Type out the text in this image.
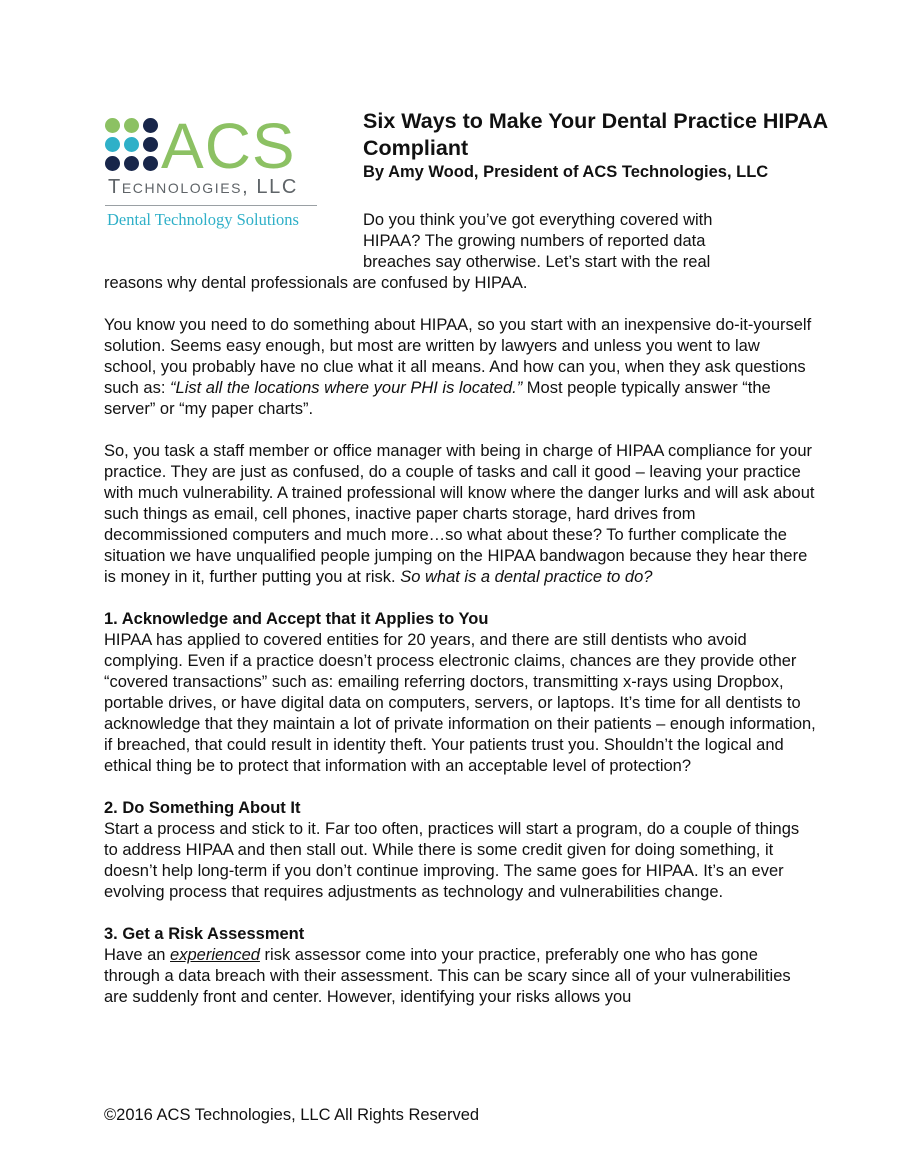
ACS
Technologies, LLC
Dental Technology Solutions
Six Ways to Make Your Dental Practice HIPAA Compliant

By Amy Wood, President of ACS Technologies, LLC

Do you think you’ve got everything covered with
HIPAA? The growing numbers of reported data
breaches say otherwise. Let’s start with the real
reasons why dental professionals are confused by HIPAA.

You know you need to do something about HIPAA, so you start with an inexpensive do-it-yourself solution. Seems easy enough, but most are written by lawyers and unless you went to law school, you probably have no clue what it all means. And how can you, when they ask questions such as: “List all the locations where your PHI is located.” Most people typically answer “the server” or “my paper charts”.

So, you task a staff member or office manager with being in charge of HIPAA compliance for your practice. They are just as confused, do a couple of tasks and call it good – leaving your practice with much vulnerability. A trained professional will know where the danger lurks and will ask about such things as email, cell phones, inactive paper charts storage, hard drives from decommissioned computers and much more…so what about these? To further complicate the situation we have unqualified people jumping on the HIPAA bandwagon because they hear there is money in it, further putting you at risk. So what is a dental practice to do?

1. Acknowledge and Accept that it Applies to You

HIPAA has applied to covered entities for 20 years, and there are still dentists who avoid complying. Even if a practice doesn’t process electronic claims, chances are they provide other “covered transactions” such as: emailing referring doctors, transmitting x-rays using Dropbox, portable drives, or have digital data on computers, servers, or laptops. It’s time for all dentists to acknowledge that they maintain a lot of private information on their patients – enough information, if breached, that could result in identity theft. Your patients trust you. Shouldn’t the logical and ethical thing be to protect that information with an acceptable level of protection?

2. Do Something About It

Start a process and stick to it. Far too often, practices will start a program, do a couple of things to address HIPAA and then stall out. While there is some credit given for doing something, it doesn’t help long-term if you don’t continue improving. The same goes for HIPAA. It’s an ever evolving process that requires adjustments as technology and vulnerabilities change.

3. Get a Risk Assessment

Have an experienced risk assessor come into your practice, preferably one who has gone through a data breach with their assessment. This can be scary since all of your vulnerabilities are suddenly front and center. However, identifying your risks allows you

©2016 ACS Technologies, LLC All Rights Reserved
